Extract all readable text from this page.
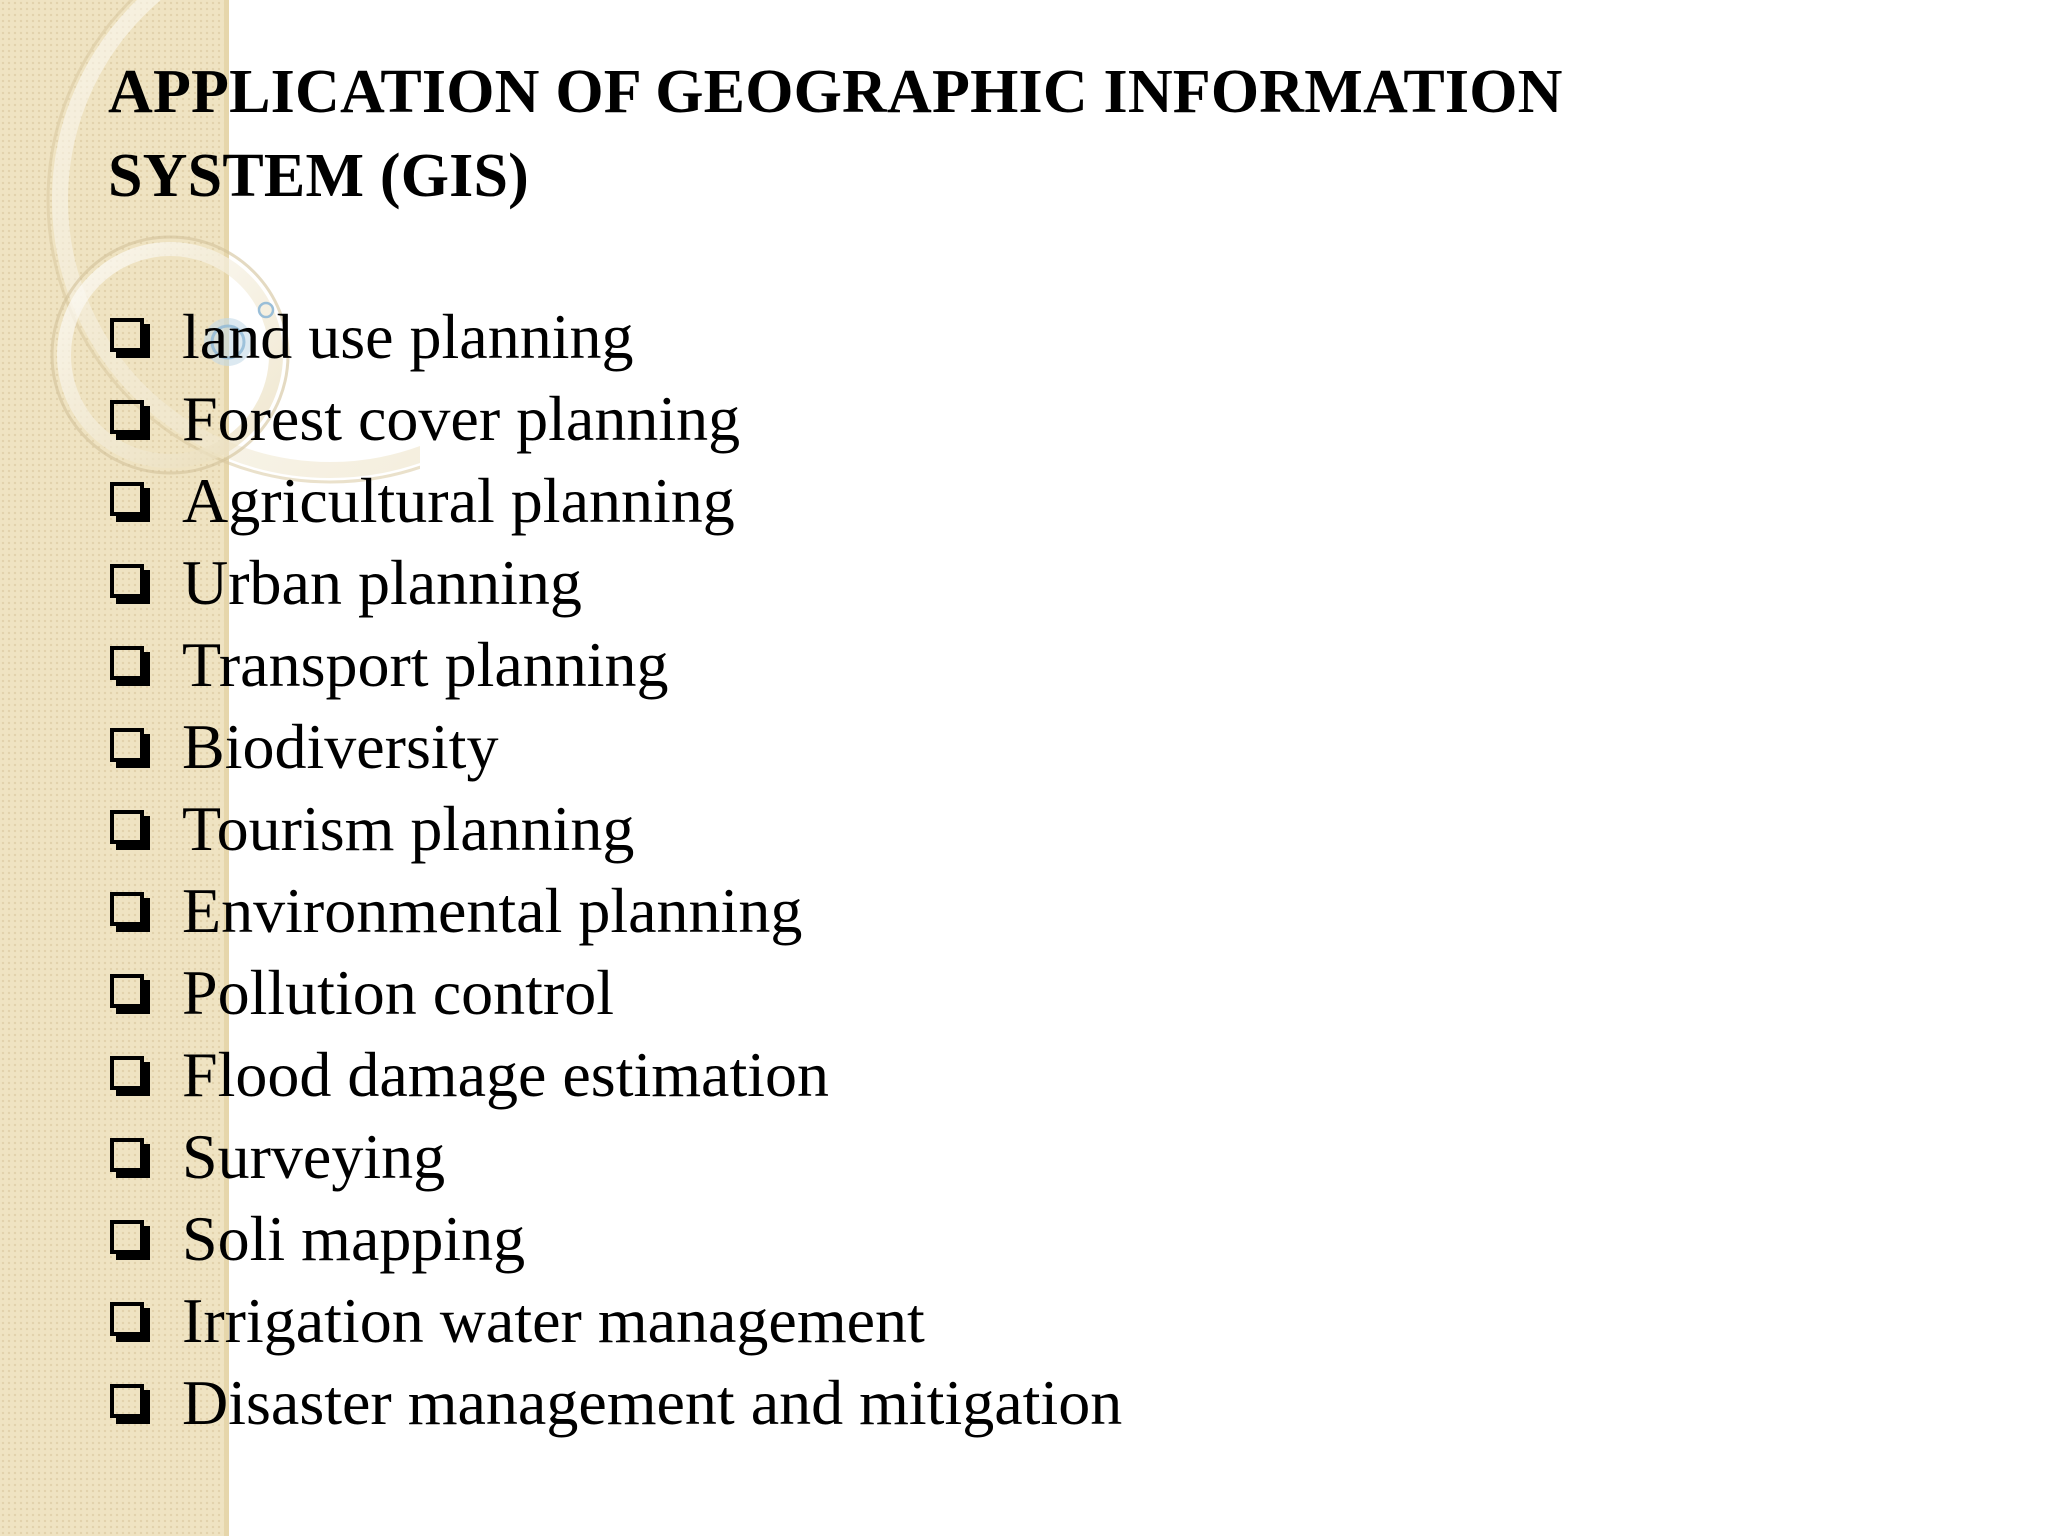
APPLICATION OF GEOGRAPHIC INFORMATION
SYSTEM (GIS)
land use planning
Forest cover planning
Agricultural planning
Urban planning
Transport planning
Biodiversity
Tourism planning
Environmental planning
Pollution control
Flood damage estimation
Surveying
Soli mapping
Irrigation water management
Disaster management and mitigation
